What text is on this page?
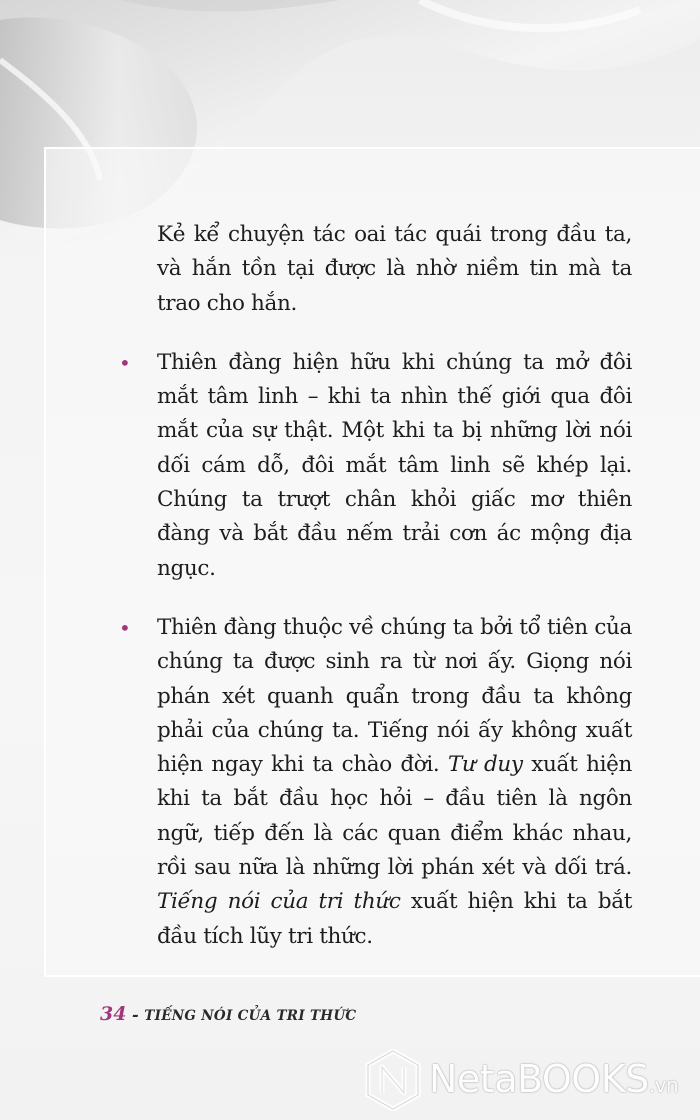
Kẻ kể chuyện tác oai tác quái trong đầu ta, và hắn tồn tại được là nhờ niềm tin mà ta trao cho hắn.

• Thiên đàng hiện hữu khi chúng ta mở đôi mắt tâm linh – khi ta nhìn thế giới qua đôi mắt của sự thật. Một khi ta bị những lời nói dối cám dỗ, đôi mắt tâm linh sẽ khép lại. Chúng ta trượt chân khỏi giấc mơ thiên đàng và bắt đầu nếm trải cơn ác mộng địa ngục.

• Thiên đàng thuộc về chúng ta bởi tổ tiên của chúng ta được sinh ra từ nơi ấy. Giọng nói phán xét quanh quẩn trong đầu ta không phải của chúng ta. Tiếng nói ấy không xuất hiện ngay khi ta chào đời. Tư duy xuất hiện khi ta bắt đầu học hỏi – đầu tiên là ngôn ngữ, tiếp đến là các quan điểm khác nhau, rồi sau nữa là những lời phán xét và dối trá. Tiếng nói của tri thức xuất hiện khi ta bắt đầu tích lũy tri thức.

34 - TIẾNG NÓI CỦA TRI THỨC
NetaBOOKS.vn
